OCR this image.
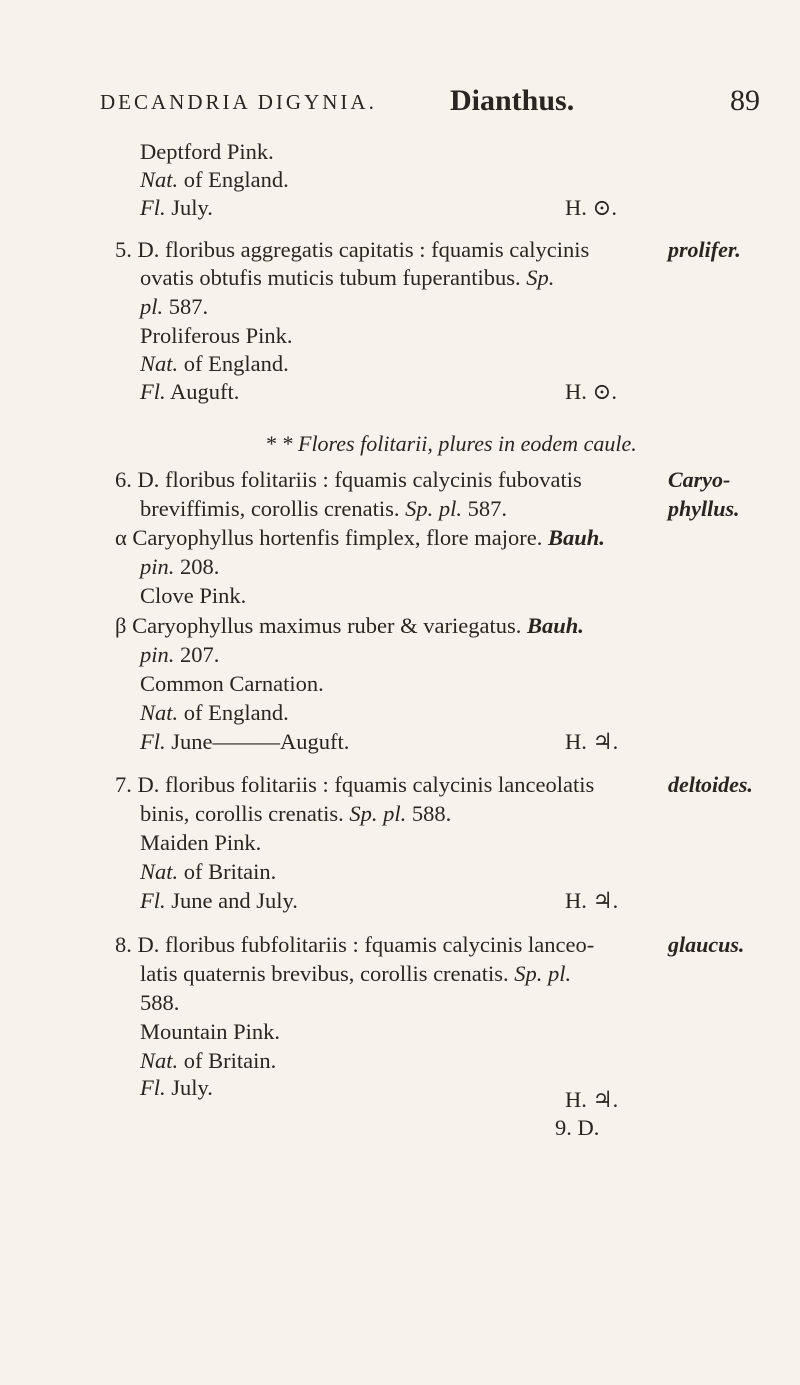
DECANDRIA DIGYNIA. Dianthus.	89
Deptford Pink.
Nat. of England.
Fl. July.	H. ⊙.
5. D. floribus aggregatis capitatis : fquamis calycinis	prolifer.
ovatis obtufis muticis tubum fuperantibus. Sp.
pl. 587.
Proliferous Pink.
Nat. of England.
Fl. Auguft.	H. ⊙.
* * Flores folitarii, plures in eodem caule.
6. D. floribus folitariis : fquamis calycinis fubovatis	Caryo-
breviffimis, corollis crenatis. Sp. pl. 587.	phyllus.
α Caryophyllus hortenfis fimplex, flore majore. Bauh.
pin. 208.
Clove Pink.
β Caryophyllus maximus ruber & variegatus. Bauh.
pin. 207.
Common Carnation.
Nat. of England.
Fl. June———Auguft.	H. ♃.
7. D. floribus folitariis : fquamis calycinis lanceolatis	deltoides.
binis, corollis crenatis. Sp. pl. 588.
Maiden Pink.
Nat. of Britain.
Fl. June and July.	H. ♃.
8. D. floribus fubfolitariis : fquamis calycinis lanceo-	glaucus.
latis quaternis brevibus, corollis crenatis. Sp. pl.
588.
Mountain Pink.
Nat. of Britain.
Fl. July.	H. ♃.
9. D.
